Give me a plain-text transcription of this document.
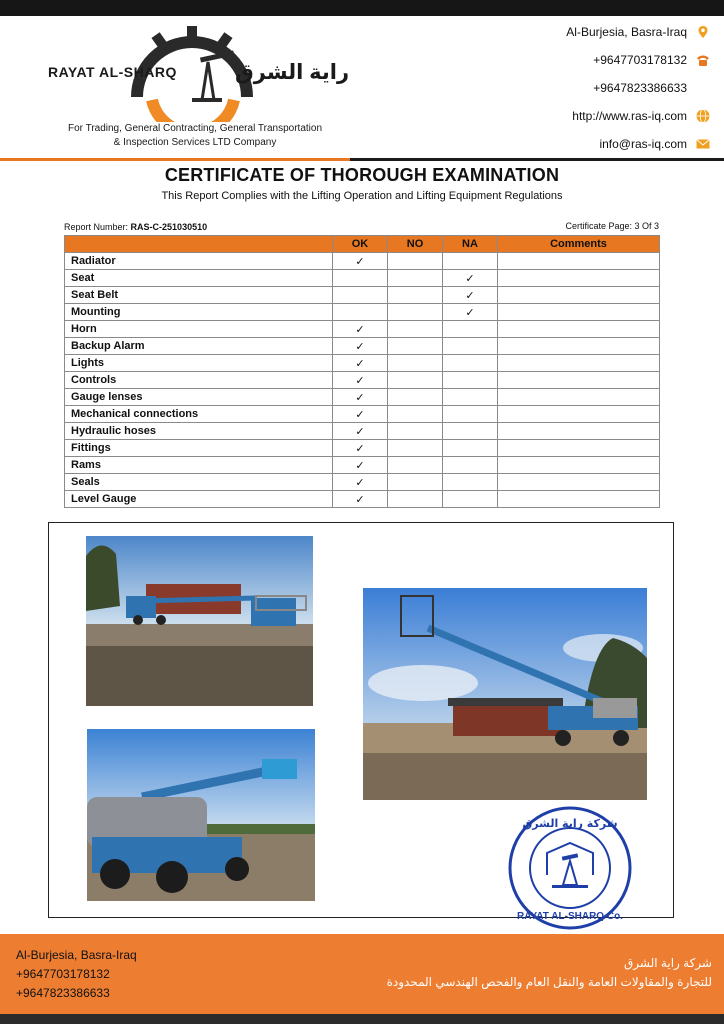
RAYAT AL-SHARQ	راية الشرق
For Trading, General Contracting, General Transportation
& Inspection Services LTD Company
Al-Burjesia, Basra-Iraq
+9647703178132
+9647823386633
http://www.ras-iq.com
info@ras-iq.com
CERTIFICATE OF THOROUGH EXAMINATION
This Report Complies with the Lifting Operation and Lifting Equipment Regulations
Report Number: RAS-C-251030510	Certificate Page: 3 Of 3
	OK	NO	NA	Comments
Radiator	✓			
Seat			✓	
Seat Belt			✓	
Mounting			✓	
Horn	✓			
Backup Alarm	✓			
Lights	✓			
Controls	✓			
Gauge lenses	✓			
Mechanical connections	✓			
Hydraulic hoses	✓			
Fittings	✓			
Rams	✓			
Seals	✓			
Level Gauge	✓			
شركة راية الشرق
RAYAT AL-SHARQ Co.
Al-Burjesia, Basra-Iraq
+9647703178132
+9647823386633
شركة راية الشرق
للتجارة والمقاولات العامة والنقل العام والفحص الهندسي المحدودة
